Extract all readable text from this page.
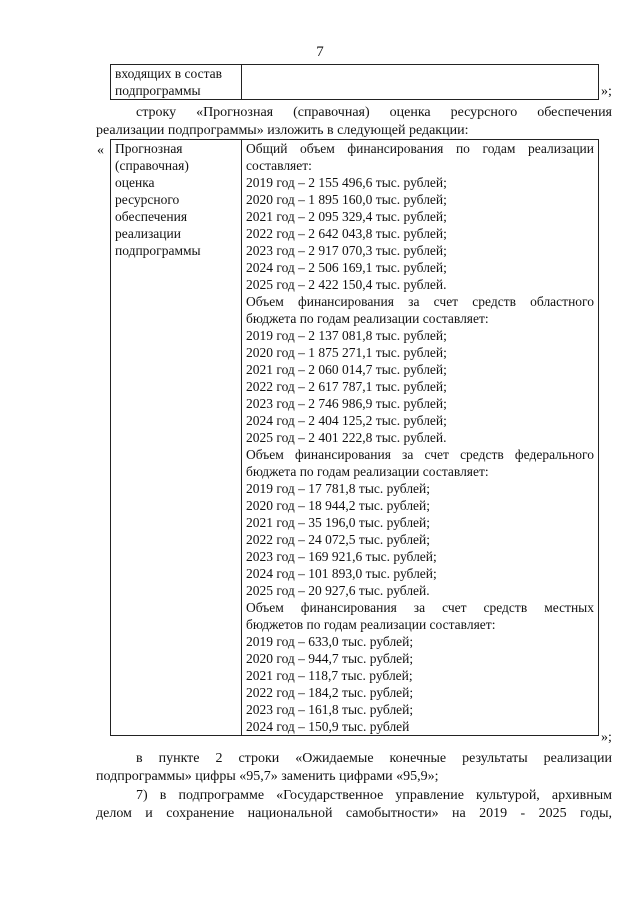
7
входящих в состав
подпрограммы
		»;
строку «Прогнозная (справочная) оценка ресурсного обеспечения
реализации подпрограммы» изложить в следующей редакции:
« Прогнозная
(справочная)
оценка
ресурсного
обеспечения
реализации
подпрограммы

Общий объем финансирования по годам реализации
составляет:
2019 год – 2 155 496,6 тыс. рублей;
2020 год – 1 895 160,0 тыс. рублей;
2021 год – 2 095 329,4 тыс. рублей;
2022 год – 2 642 043,8 тыс. рублей;
2023 год – 2 917 070,3 тыс. рублей;
2024 год – 2 506 169,1 тыс. рублей;
2025 год – 2 422 150,4 тыс. рублей.
Объем финансирования за счет средств областного
бюджета по годам реализации составляет:
2019 год – 2 137 081,8 тыс. рублей;
2020 год – 1 875 271,1 тыс. рублей;
2021 год – 2 060 014,7 тыс. рублей;
2022 год – 2 617 787,1 тыс. рублей;
2023 год – 2 746 986,9 тыс. рублей;
2024 год – 2 404 125,2 тыс. рублей;
2025 год – 2 401 222,8 тыс. рублей.
Объем финансирования за счет средств федерального
бюджета по годам реализации составляет:
2019 год – 17 781,8 тыс. рублей;
2020 год – 18 944,2 тыс. рублей;
2021 год – 35 196,0 тыс. рублей;
2022 год – 24 072,5 тыс. рублей;
2023 год – 169 921,6 тыс. рублей;
2024 год – 101 893,0 тыс. рублей;
2025 год – 20 927,6 тыс. рублей.
Объем финансирования за счет средств местных
бюджетов по годам реализации составляет:
2019 год – 633,0 тыс. рублей;
2020 год – 944,7 тыс. рублей;
2021 год – 118,7 тыс. рублей;
2022 год – 184,2 тыс. рублей;
2023 год – 161,8 тыс. рублей;
2024 год – 150,9 тыс. рублей
»;
в пункте 2 строки «Ожидаемые конечные результаты реализации
подпрограммы» цифры «95,7» заменить цифрами «95,9»;
7) в подпрограмме «Государственное управление культурой, архивным
делом и сохранение национальной самобытности» на 2019 - 2025 годы,
